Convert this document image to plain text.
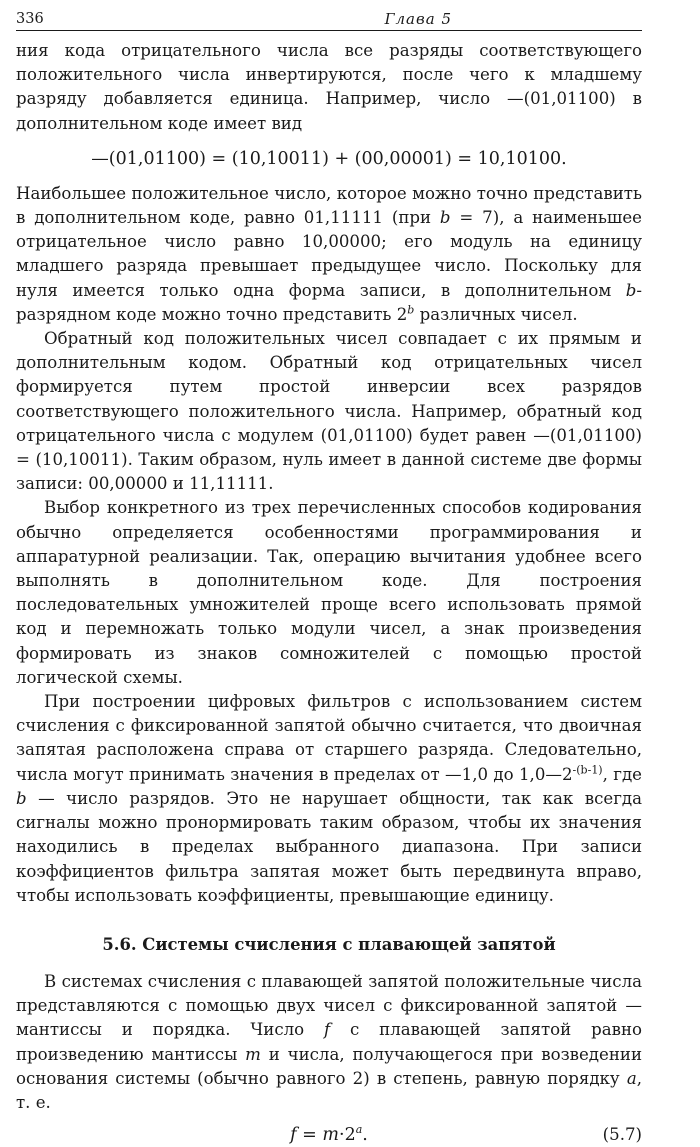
336	Глава 5

ния кода отрицательного числа все разряды соответствующего положительного числа инвертируются, после чего к младшему разряду добавляется единица. Например, число —(01,01100) в дополнительном коде имеет вид

—(01,01100) = (10,10011) + (00,00001) = 10,10100.

Наибольшее положительное число, которое можно точно представить в дополнительном коде, равно 01,11111 (при b = 7), а наименьшее отрицательное число равно 10,00000; его модуль на единицу младшего разряда превышает предыдущее число. Поскольку для нуля имеется только одна форма записи, в дополнительном b-разрядном коде можно точно представить 2$^b$ различных чисел.

Обратный код положительных чисел совпадает с их прямым и дополнительным кодом. Обратный код отрицательных чисел формируется путем простой инверсии всех разрядов соответствующего положительного числа. Например, обратный код отрицательного числа с модулем (01,01100) будет равен —(01,01100) = (10,10011). Таким образом, нуль имеет в данной системе две формы записи: 00,00000 и 11,11111.

Выбор конкретного из трех перечисленных способов кодирования обычно определяется особенностями программирования и аппаратурной реализации. Так, операцию вычитания удобнее всего выполнять в дополнительном коде. Для построения последовательных умножителей проще всего использовать прямой код и перемножать только модули чисел, а знак произведения формировать из знаков сомножителей с помощью простой логической схемы.

При построении цифровых фильтров с использованием систем счисления с фиксированной запятой обычно считается, что двоичная запятая расположена справа от старшего разряда. Следовательно, числа могут принимать значения в пределах от —1,0 до $1,0—2^{-(b-1)}$, где b — число разрядов. Это не нарушает общности, так как всегда сигналы можно пронормировать таким образом, чтобы их значения находились в пределах выбранного диапазона. При записи коэффициентов фильтра запятая может быть передвинута вправо, чтобы использовать коэффициенты, превышающие единицу.

5.6. Системы счисления с плавающей запятой

В системах счисления с плавающей запятой положительные числа представляются с помощью двух чисел с фиксированной запятой — мантиссы и порядка. Число f с плавающей запятой равно произведению мантиссы m и числа, получающегося при возведении основания системы (обычно равного 2) в степень, равную порядку a, т. е.

$f = m\cdot 2^a$.	(5.7)
